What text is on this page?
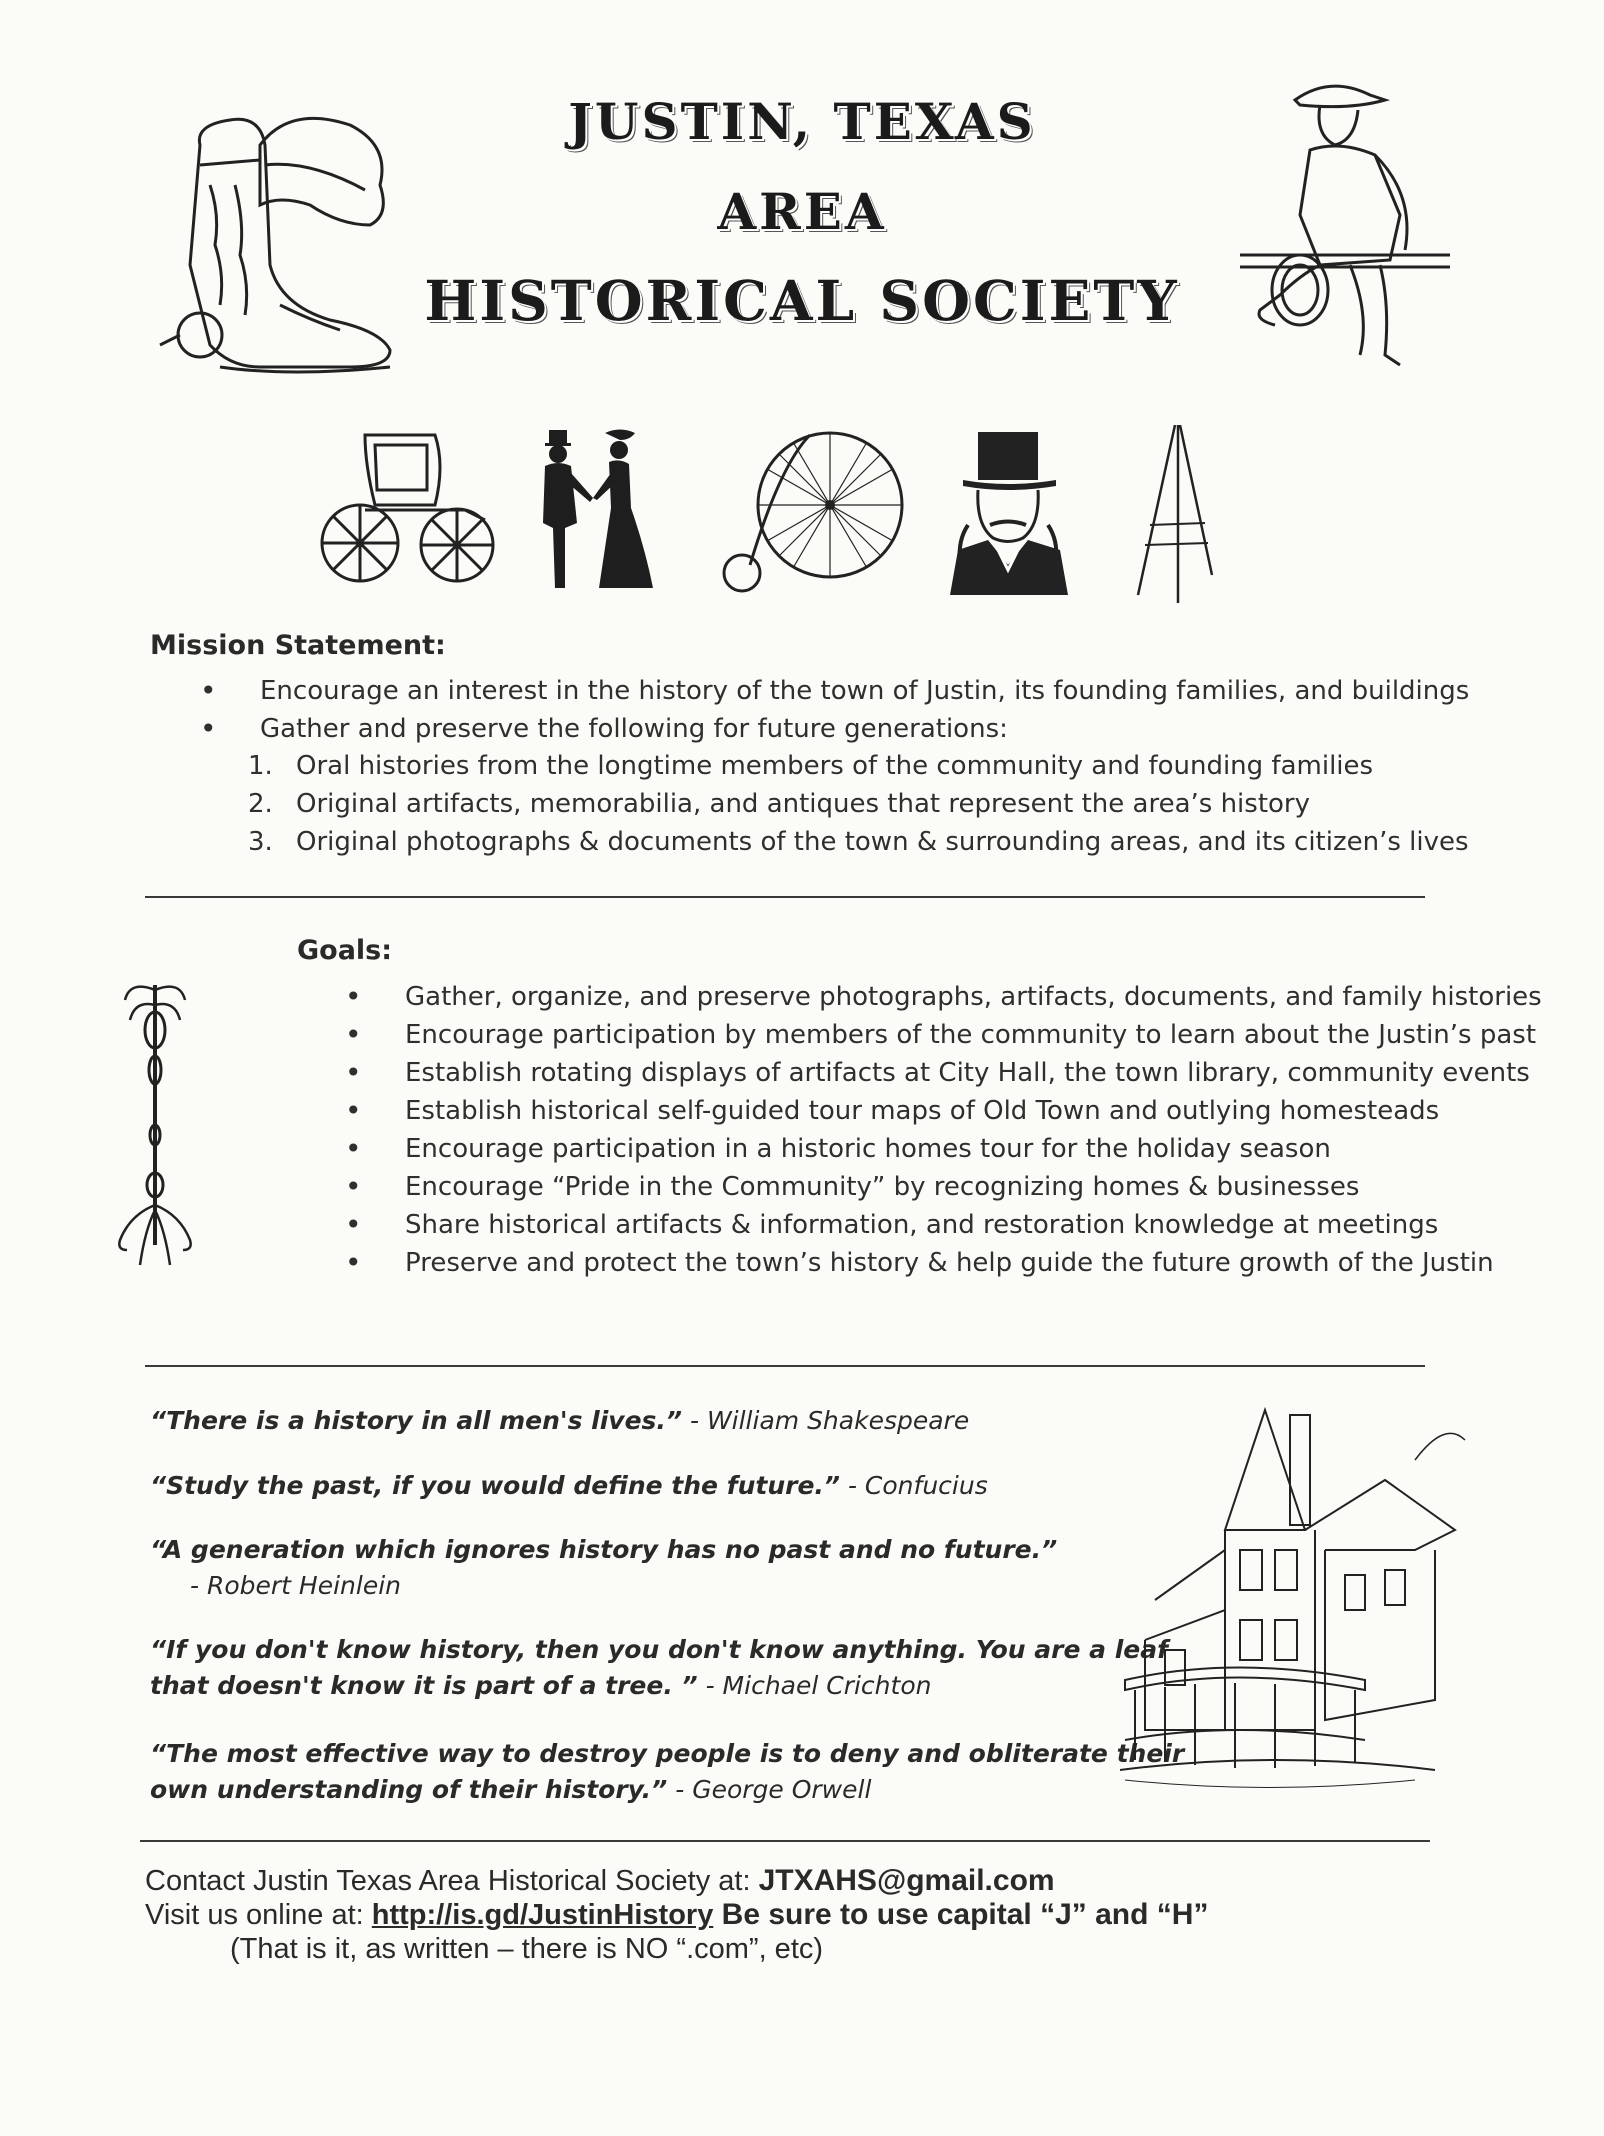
JUSTIN, TEXAS
AREA
HISTORICAL SOCIETY
Mission Statement:
• Encourage an interest in the history of the town of Justin, its founding families, and buildings
• Gather and preserve the following for future generations:
1. Oral histories from the longtime members of the community and founding families
2. Original artifacts, memorabilia, and antiques that represent the area’s history
3. Original photographs & documents of the town & surrounding areas, and its citizen’s lives
Goals:
• Gather, organize, and preserve photographs, artifacts, documents, and family histories
• Encourage participation by members of the community to learn about the Justin’s past
• Establish rotating displays of artifacts at City Hall, the town library, community events
• Establish historical self-guided tour maps of Old Town and outlying homesteads
• Encourage participation in a historic homes tour for the holiday season
• Encourage “Pride in the Community” by recognizing homes & businesses
• Share historical artifacts & information, and restoration knowledge at meetings
• Preserve and protect the town’s history & help guide the future growth of the Justin
“There is a history in all men's lives.” - William Shakespeare
“Study the past, if you would define the future.” - Confucius
“A generation which ignores history has no past and no future.”
- Robert Heinlein
“If you don't know history, then you don't know anything. You are a leaf
that doesn't know it is part of a tree. ” - Michael Crichton
“The most effective way to destroy people is to deny and obliterate their
own understanding of their history.” - George Orwell
Contact Justin Texas Area Historical Society at: JTXAHS@gmail.com
Visit us online at: http://is.gd/JustinHistory Be sure to use capital “J” and “H”
(That is it, as written – there is NO “.com”, etc)
